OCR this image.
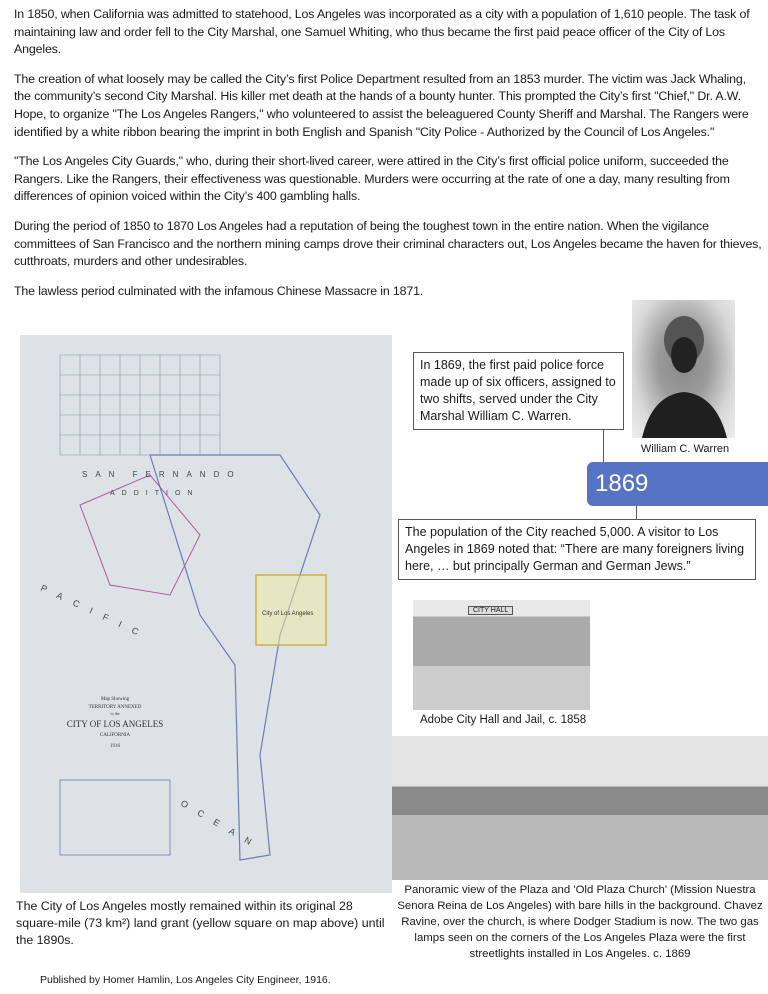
In 1850, when California was admitted to statehood, Los Angeles was incorporated as a city with a population of 1,610 people. The task of maintaining law and order fell to the City Marshal, one Samuel Whiting, who thus became the first paid peace officer of the City of Los Angeles.

The creation of what loosely may be called the City’s first Police Department resulted from an 1853 murder. The victim was Jack Whaling, the community’s second City Marshal. His killer met death at the hands of a bounty hunter. This prompted the City’s first "Chief," Dr. A.W. Hope, to organize "The Los Angeles Rangers," who volunteered to assist the beleaguered County Sheriff and Marshal. The Rangers were identified by a white ribbon bearing the imprint in both English and Spanish "City Police - Authorized by the Council of Los Angeles."

"The Los Angeles City Guards," who, during their short-lived career, were attired in the City’s first official police uniform, succeeded the Rangers. Like the Rangers, their effectiveness was questionable. Murders were occurring at the rate of one a day, many resulting from differences of opinion voiced within the City’s 400 gambling halls.

During the period of 1850 to 1870 Los Angeles had a reputation of being the toughest town in the entire nation. When the vigilance committees of San Francisco and the northern mining camps drove their criminal characters out, Los Angeles became the haven for thieves, cutthroats, murders and other undesirables.

The lawless period culminated with the infamous Chinese Massacre in 1871.

City of Los Angeles
SAN FERNANDO
ADDITION
PACIFIC
OCEAN
Map Showing
TERRITORY ANNEXED
to the
CITY OF LOS ANGELES
CALIFORNIA
1916
The City of Los Angeles mostly remained within its original 28 square-mile (73 km²) land grant (yellow square on map above) until the 1890s.
Published by Homer Hamlin, Los Angeles City Engineer, 1916.
In 1869, the first paid police force made up of six officers, assigned to two shifts, served under the City Marshal William C. Warren.
William C. Warren
1869
The population of the City reached 5,000. A visitor to Los Angeles in 1869 noted that: “There are many foreigners living here, … but principally German and German Jews.”
CITY HALL
Adobe City Hall and Jail, c. 1858
Panoramic view of the Plaza and 'Old Plaza Church' (Mission Nuestra Senora Reina de Los Angeles) with bare hills in the background. Chavez Ravine, over the church, is where Dodger Stadium is now. The two gas lamps seen on the corners of the Los Angeles Plaza were the first streetlights installed in Los Angeles. c. 1869
